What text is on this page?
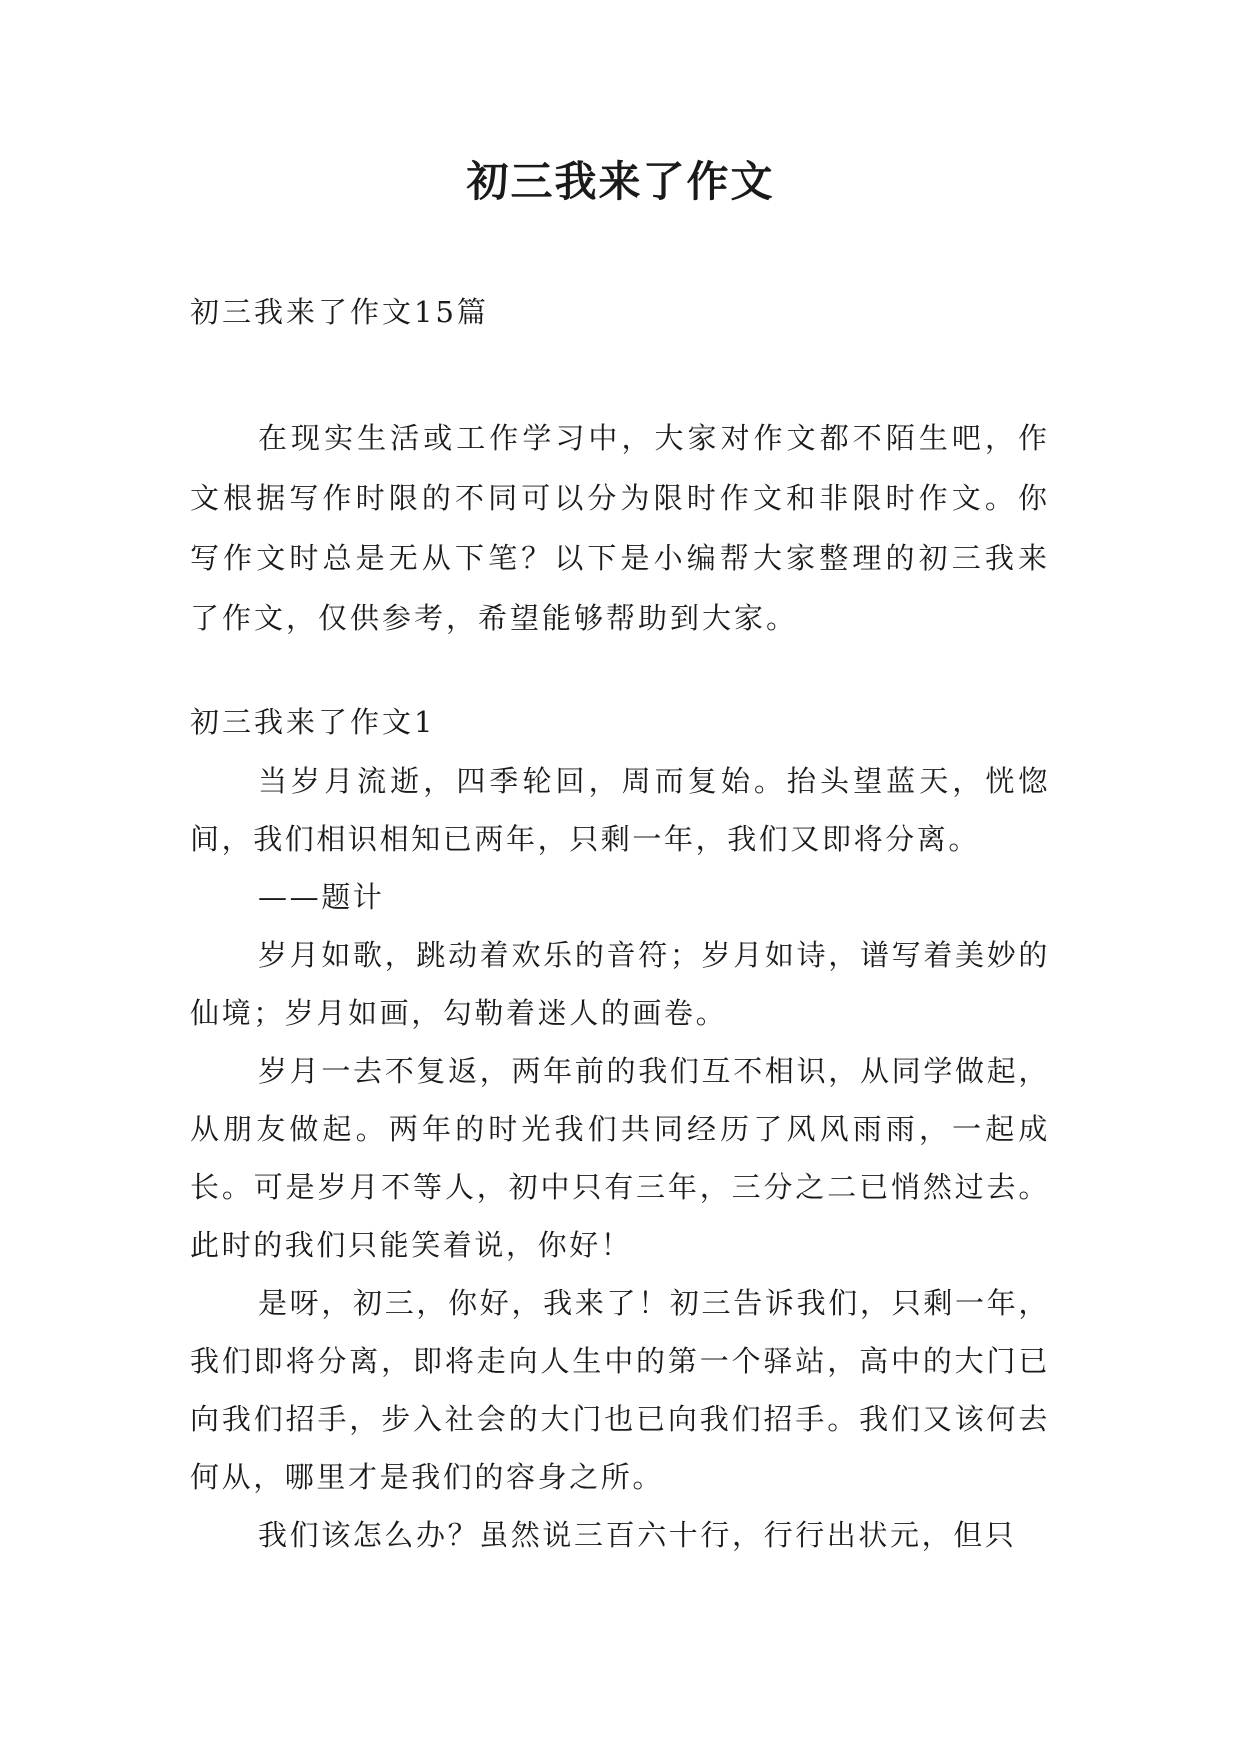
初三我来了作文
初三我来了作文15篇

在现实生活或工作学习中，大家对作文都不陌生吧，作文根据写作时限的不同可以分为限时作文和非限时作文。你写作文时总是无从下笔？以下是小编帮大家整理的初三我来了作文，仅供参考，希望能够帮助到大家。

初三我来了作文1

当岁月流逝，四季轮回，周而复始。抬头望蓝天，恍惚间，我们相识相知已两年，只剩一年，我们又即将分离。

——题计

岁月如歌，跳动着欢乐的音符；岁月如诗，谱写着美妙的仙境；岁月如画，勾勒着迷人的画卷。

岁月一去不复返，两年前的我们互不相识，从同学做起，从朋友做起。两年的时光我们共同经历了风风雨雨，一起成长。可是岁月不等人，初中只有三年，三分之二已悄然过去。此时的我们只能笑着说，你好！

是呀，初三，你好，我来了！初三告诉我们，只剩一年，我们即将分离，即将走向人生中的第一个驿站，高中的大门已向我们招手，步入社会的大门也已向我们招手。我们又该何去何从，哪里才是我们的容身之所。

我们该怎么办？虽然说三百六十行，行行出状元，但只
